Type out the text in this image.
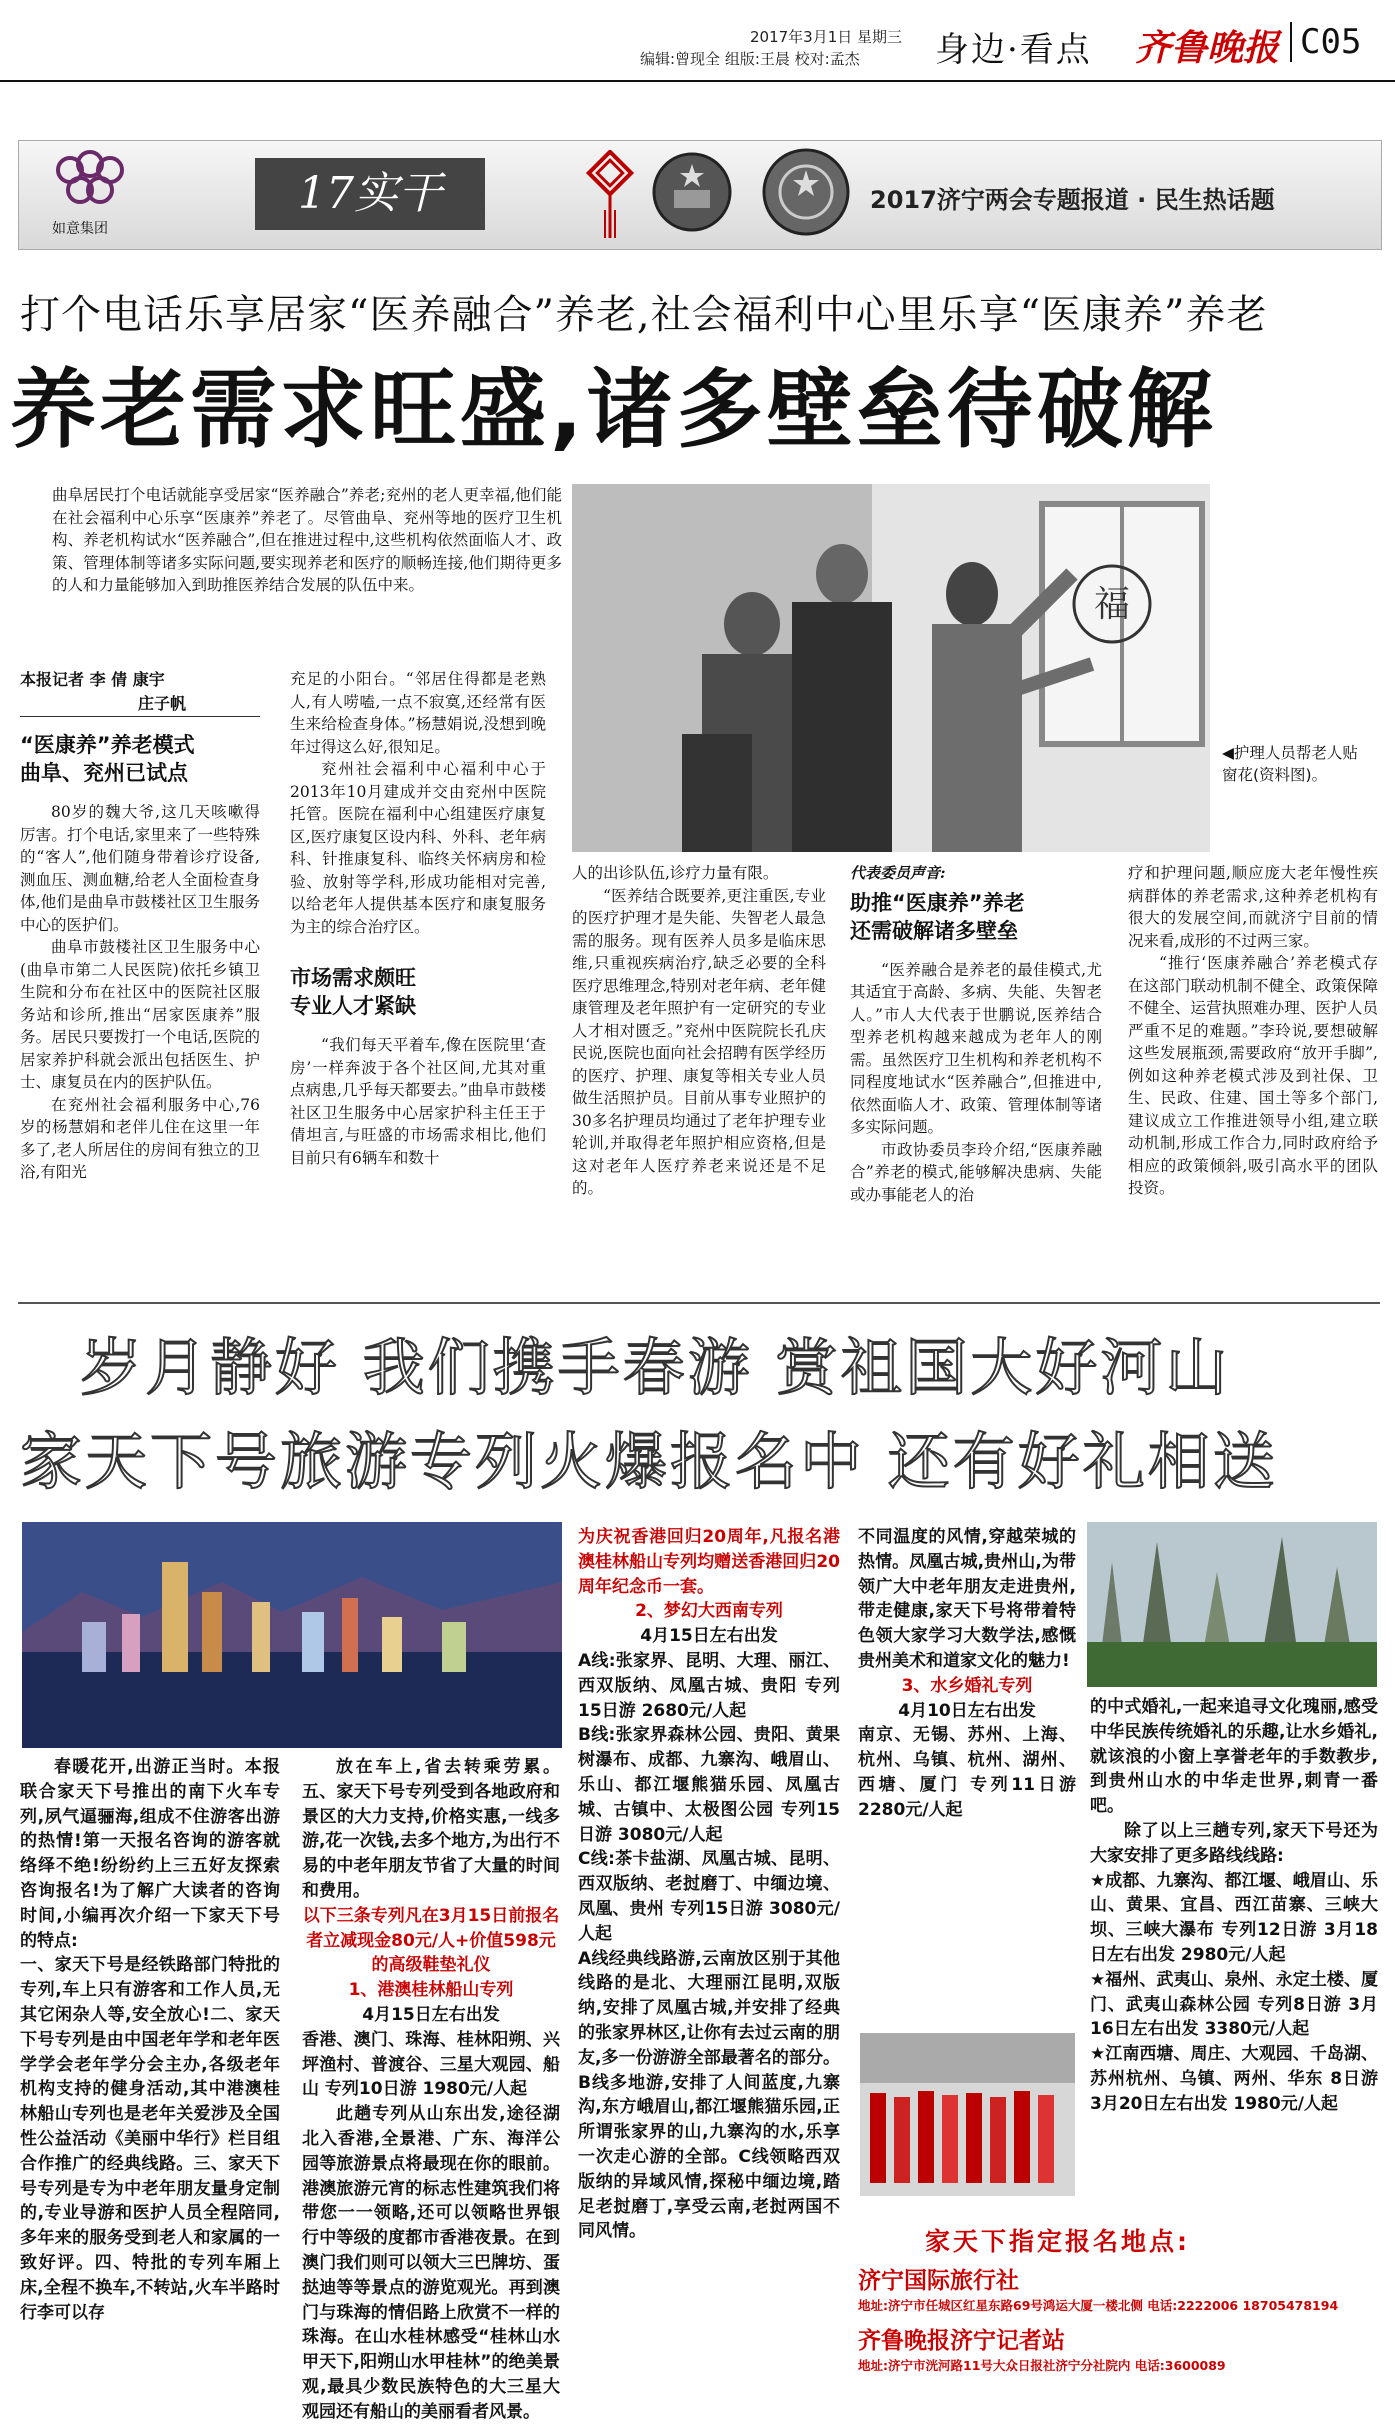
2017年3月1日 星期三
编辑:曾现全 组版:王晨 校对:孟杰 身边·看点 齐鲁晚报 C05
如意集团
17实干	2017济宁两会专题报道 · 民生热话题
打个电话乐享居家“医养融合”养老,社会福利中心里乐享“医康养”养老
养老需求旺盛,诸多壁垒待破解
曲阜居民打个电话就能享受居家“医养融合”养老;兖州的老人更幸福,他们能在社会福利中心乐享“医康养”养老了。尽管曲阜、兖州等地的医疗卫生机构、养老机构试水“医养融合”,但在推进过程中,这些机构依然面临人才、政策、管理体制等诸多实际问题,要实现养老和医疗的顺畅连接,他们期待更多的人和力量能够加入到助推医养结合发展的队伍中来。	福
◀护理人员帮老人贴窗花(资料图)。
本报记者 李 倩 康宇
庄子帆
“医康养”养老模式
曲阜、兖州已试点
80岁的魏大爷,这几天咳嗽得厉害。打个电话,家里来了一些特殊的“客人”,他们随身带着诊疗设备,测血压、测血糖,给老人全面检查身体,他们是曲阜市鼓楼社区卫生服务中心的医护们。
曲阜市鼓楼社区卫生服务中心(曲阜市第二人民医院)依托乡镇卫生院和分布在社区中的医院社区服务站和诊所,推出“居家医康养”服务。居民只要拨打一个电话,医院的居家养护科就会派出包括医生、护士、康复员在内的医护队伍。
在兖州社会福利服务中心,76岁的杨慧娟和老伴儿住在这里一年多了,老人所居住的房间有独立的卫浴,有阳光
充足的小阳台。“邻居住得都是老熟人,有人唠嗑,一点不寂寞,还经常有医生来给检查身体。”杨慧娟说,没想到晚年过得这么好,很知足。
兖州社会福利中心福利中心于2013年10月建成并交由兖州中医院托管。医院在福利中心组建医疗康复区,医疗康复区设内科、外科、老年病科、针推康复科、临终关怀病房和检验、放射等学科,形成功能相对完善,以给老年人提供基本医疗和康复服务为主的综合治疗区。
市场需求颇旺
专业人才紧缺
“我们每天平着车,像在医院里‘查房’一样奔波于各个社区间,尤其对重点病患,几乎每天都要去。”曲阜市鼓楼社区卫生服务中心居家护科主任王于倩坦言,与旺盛的市场需求相比,他们目前只有6辆车和数十
人的出诊队伍,诊疗力量有限。
“医养结合既要养,更注重医,专业的医疗护理才是失能、失智老人最急需的服务。现有医养人员多是临床思维,只重视疾病治疗,缺乏必要的全科医疗思维理念,特别对老年病、老年健康管理及老年照护有一定研究的专业人才相对匮乏。”兖州中医院院长孔庆民说,医院也面向社会招聘有医学经历的医疗、护理、康复等相关专业人员做生活照护员。目前从事专业照护的30多名护理员均通过了老年护理专业轮训,并取得老年照护相应资格,但是这对老年人医疗养老来说还是不足的。
代表委员声音:
助推“医康养”养老
还需破解诸多壁垒
“医养融合是养老的最佳模式,尤其适宜于高龄、多病、失能、失智老人。”市人大代表于世鹏说,医养结合型养老机构越来越成为老年人的刚需。虽然医疗卫生机构和养老机构不同程度地试水“医养融合”,但推进中,依然面临人才、政策、管理体制等诸多实际问题。
市政协委员李玲介绍,“医康养融合”养老的模式,能够解决患病、失能或办事能老人的治
疗和护理问题,顺应庞大老年慢性疾病群体的养老需求,这种养老机构有很大的发展空间,而就济宁目前的情况来看,成形的不过两三家。
“推行‘医康养融合’养老模式存在这部门联动机制不健全、政策保障不健全、运营执照难办理、医护人员严重不足的难题。”李玲说,要想破解这些发展瓶颈,需要政府“放开手脚”,例如这种养老模式涉及到社保、卫生、民政、住建、国土等多个部门,建议成立工作推进领导小组,建立联动机制,形成工作合力,同时政府给予相应的政策倾斜,吸引高水平的团队投资。
岁月静好 我们携手春游 赏祖国大好河山
家天下号旅游专列火爆报名中 还有好礼相送
春暖花开,出游正当时。本报联合家天下号推出的南下火车专列,夙气逼骊海,组成不住游客出游的热情!第一天报名咨询的游客就络绎不绝!纷纷约上三五好友探索咨询报名!为了解广大读者的咨询时间,小编再次介绍一下家天下号的特点:
一、家天下号是经铁路部门特批的专列,车上只有游客和工作人员,无其它闲杂人等,安全放心!二、家天下号专列是由中国老年学和老年医学学会老年学分会主办,各级老年机构支持的健身活动,其中港澳桂林船山专列也是老年关爱涉及全国性公益活动《美丽中华行》栏目组合作推广的经典线路。三、家天下号专列是专为中老年朋友量身定制的,专业导游和医护人员全程陪同,多年来的服务受到老人和家属的一致好评。四、特批的专列车厢上床,全程不换车,不转站,火车半路时行李可以存
放在车上,省去转乘劳累。五、家天下号专列受到各地政府和景区的大力支持,价格实惠,一线多游,花一次钱,去多个地方,为出行不易的中老年朋友节省了大量的时间和费用。
以下三条专列凡在3月15日前报名者立减现金80元/人+价值598元的高级鞋垫礼仪
1、港澳桂林船山专列
4月15日左右出发
香港、澳门、珠海、桂林阳朔、兴坪渔村、普渡谷、三星大观园、船山 专列10日游 1980元/人起
此趟专列从山东出发,途径湖北入香港,全景港、广东、海洋公园等旅游景点将最现在你的眼前。港澳旅游元宵的标志性建筑我们将带您一一领略,还可以领略世界银行中等级的度都市香港夜景。在到澳门我们则可以领大三巴牌坊、蛋挞迪等等景点的游览观光。再到澳门与珠海的情侣路上欣赏不一样的珠海。在山水桂林感受“桂林山水甲天下,阳朔山水甲桂林”的绝美景观,最具少数民族特色的大三星大观园还有船山的美丽看者风景。
为庆祝香港回归20周年,凡报名港澳桂林船山专列均赠送香港回归20周年纪念币一套。
2、梦幻大西南专列
4月15日左右出发
A线:张家界、昆明、大理、丽江、西双版纳、凤凰古城、贵阳 专列15日游 2680元/人起
B线:张家界森林公园、贵阳、黄果树瀑布、成都、九寨沟、峨眉山、乐山、都江堰熊猫乐园、凤凰古城、古镇中、太极图公园 专列15日游 3080元/人起
C线:茶卡盐湖、凤凰古城、昆明、西双版纳、老挝磨丁、中缅边境、凤凰、贵州 专列15日游 3080元/人起
A线经典线路游,云南放区别于其他线路的是北、大理丽江昆明,双版纳,安排了凤凰古城,并安排了经典的张家界林区,让你有去过云南的朋友,多一份游游全部最著名的部分。B线多地游,安排了人间蓝度,九寨沟,东方峨眉山,都江堰熊猫乐园,正所谓张家界的山,九寨沟的水,乐享一次走心游的全部。C线领略西双版纳的异域风情,探秘中缅边境,踏足老挝磨丁,享受云南,老挝两国不同风情。
不同温度的风情,穿越荣城的热情。凤凰古城,贵州山,为带领广大中老年朋友走进贵州,带走健康,家天下号将带着特色领大家学习大数学法,感慨贵州美术和道家文化的魅力!
3、水乡婚礼专列
4月10日左右出发
南京、无锡、苏州、上海、杭州、乌镇、杭州、湖州、西塘、厦门 专列11日游 2280元/人起
的中式婚礼,一起来追寻文化瑰丽,感受中华民族传统婚礼的乐趣,让水乡婚礼,就该浪的小窗上享誉老年的手数教步,到贵州山水的中华走世界,刺青一番吧。
除了以上三趟专列,家天下号还为大家安排了更多路线线路:
★成都、九寨沟、都江堰、峨眉山、乐山、黄果、宜昌、西江苗寨、三峡大坝、三峡大瀑布 专列12日游 3月18日左右出发 2980元/人起
★福州、武夷山、泉州、永定土楼、厦门、武夷山森林公园 专列8日游 3月16日左右出发 3380元/人起
★江南西塘、周庄、大观园、千岛湖、苏州杭州、乌镇、两州、华东 8日游 3月20日左右出发 1980元/人起
家天下指定报名地点:
济宁国际旅行社
地址:济宁市任城区红星东路69号鸿运大厦一楼北侧 电话:2222006 18705478194
齐鲁晚报济宁记者站
地址:济宁市洸河路11号大众日报社济宁分社院内 电话:3600089
